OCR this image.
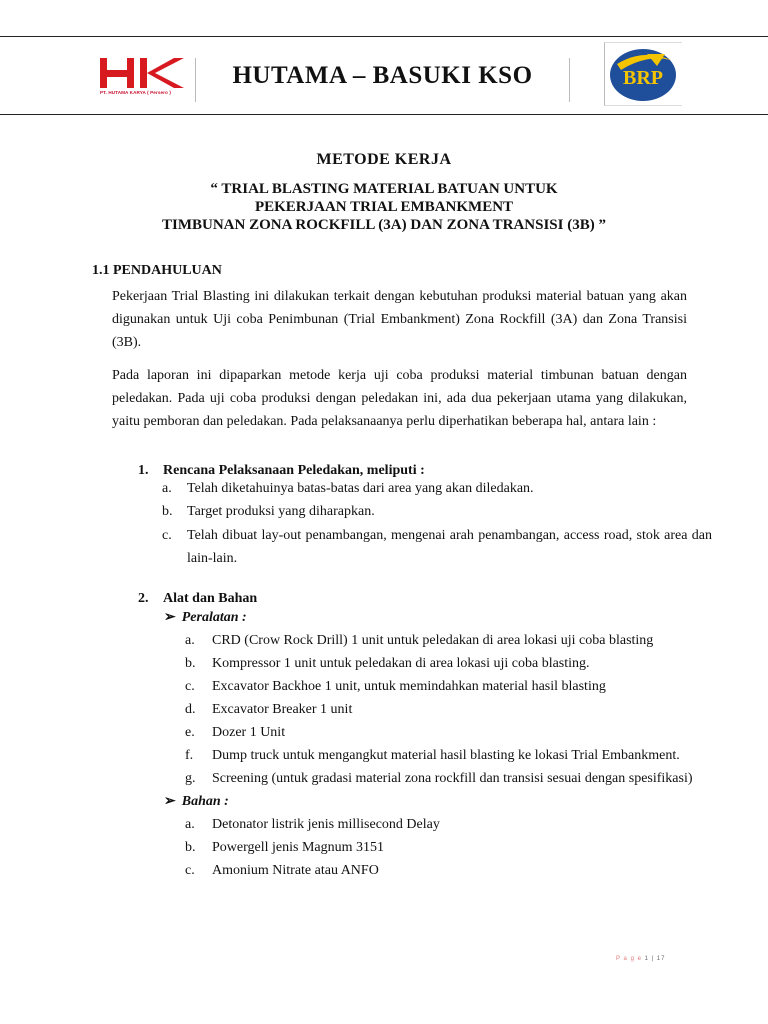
PT. HUTAMA KARYA ( Persero )
HUTAMA – BASUKI KSO	BRP
METODE KERJA
“ TRIAL BLASTING MATERIAL BATUAN UNTUK
PEKERJAAN TRIAL EMBANKMENT
TIMBUNAN ZONA ROCKFILL (3A) DAN ZONA TRANSISI (3B) ”
1.1 PENDAHULUAN
Pekerjaan Trial Blasting ini dilakukan terkait dengan kebutuhan produksi material batuan yang akan digunakan untuk Uji coba Penimbunan (Trial Embankment) Zona Rockfill (3A) dan Zona Transisi (3B).
Pada laporan ini dipaparkan metode kerja uji coba produksi material timbunan batuan dengan peledakan. Pada uji coba produksi dengan peledakan ini, ada dua pekerjaan utama yang dilakukan, yaitu pemboran dan peledakan. Pada pelaksanaanya perlu diperhatikan beberapa hal, antara lain :
1. Rencana Pelaksanaan Peledakan, meliputi :
a. Telah diketahuinya batas-batas dari area yang akan diledakan.
b. Target produksi yang diharapkan.
c. Telah dibuat lay-out penambangan, mengenai arah penambangan, access road, stok area dan lain-lain.
2. Alat dan Bahan
➢ Peralatan :
a. CRD (Crow Rock Drill) 1 unit untuk peledakan di area lokasi uji coba blasting
b. Kompressor 1 unit untuk peledakan di area lokasi uji coba blasting.
c. Excavator Backhoe 1 unit, untuk memindahkan material hasil blasting
d. Excavator Breaker 1 unit
e. Dozer 1 Unit
f. Dump truck untuk mengangkut material hasil blasting ke lokasi Trial Embankment.
g. Screening (untuk gradasi material zona rockfill dan transisi sesuai dengan spesifikasi)
➢ Bahan :
a. Detonator listrik jenis millisecond Delay
b. Powergell jenis Magnum 3151
c. Amonium Nitrate atau ANFO
P a g e 1 | 17
